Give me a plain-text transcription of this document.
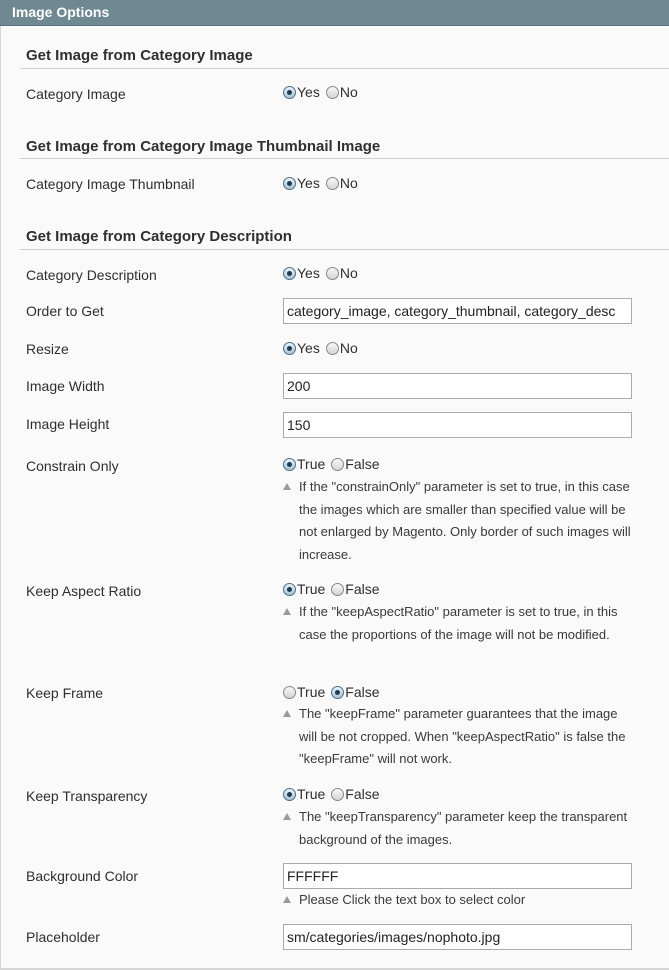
Image Options
Get Image from Category Image
Category Image	Yes No
Get Image from Category Image Thumbnail Image
Category Image Thumbnail	Yes No
Get Image from Category Description
Category Description	Yes No
Order to Get	category_image, category_thumbnail, category_desc
Resize	Yes No
Image Width	200
Image Height	150
Constrain Only	True False
If the "constrainOnly" parameter is set to true, in this case the images which are smaller than specified value will be not enlarged by Magento. Only border of such images will increase.
Keep Aspect Ratio	True False
If the "keepAspectRatio" parameter is set to true, in this case the proportions of the image will not be modified.
Keep Frame	True False
The "keepFrame" parameter guarantees that the image will be not cropped. When "keepAspectRatio" is false the "keepFrame" will not work.
Keep Transparency	True False
The "keepTransparency" parameter keep the transparent background of the images.
Background Color	FFFFFF
Please Click the text box to select color
Placeholder	sm/categories/images/nophoto.jpg
